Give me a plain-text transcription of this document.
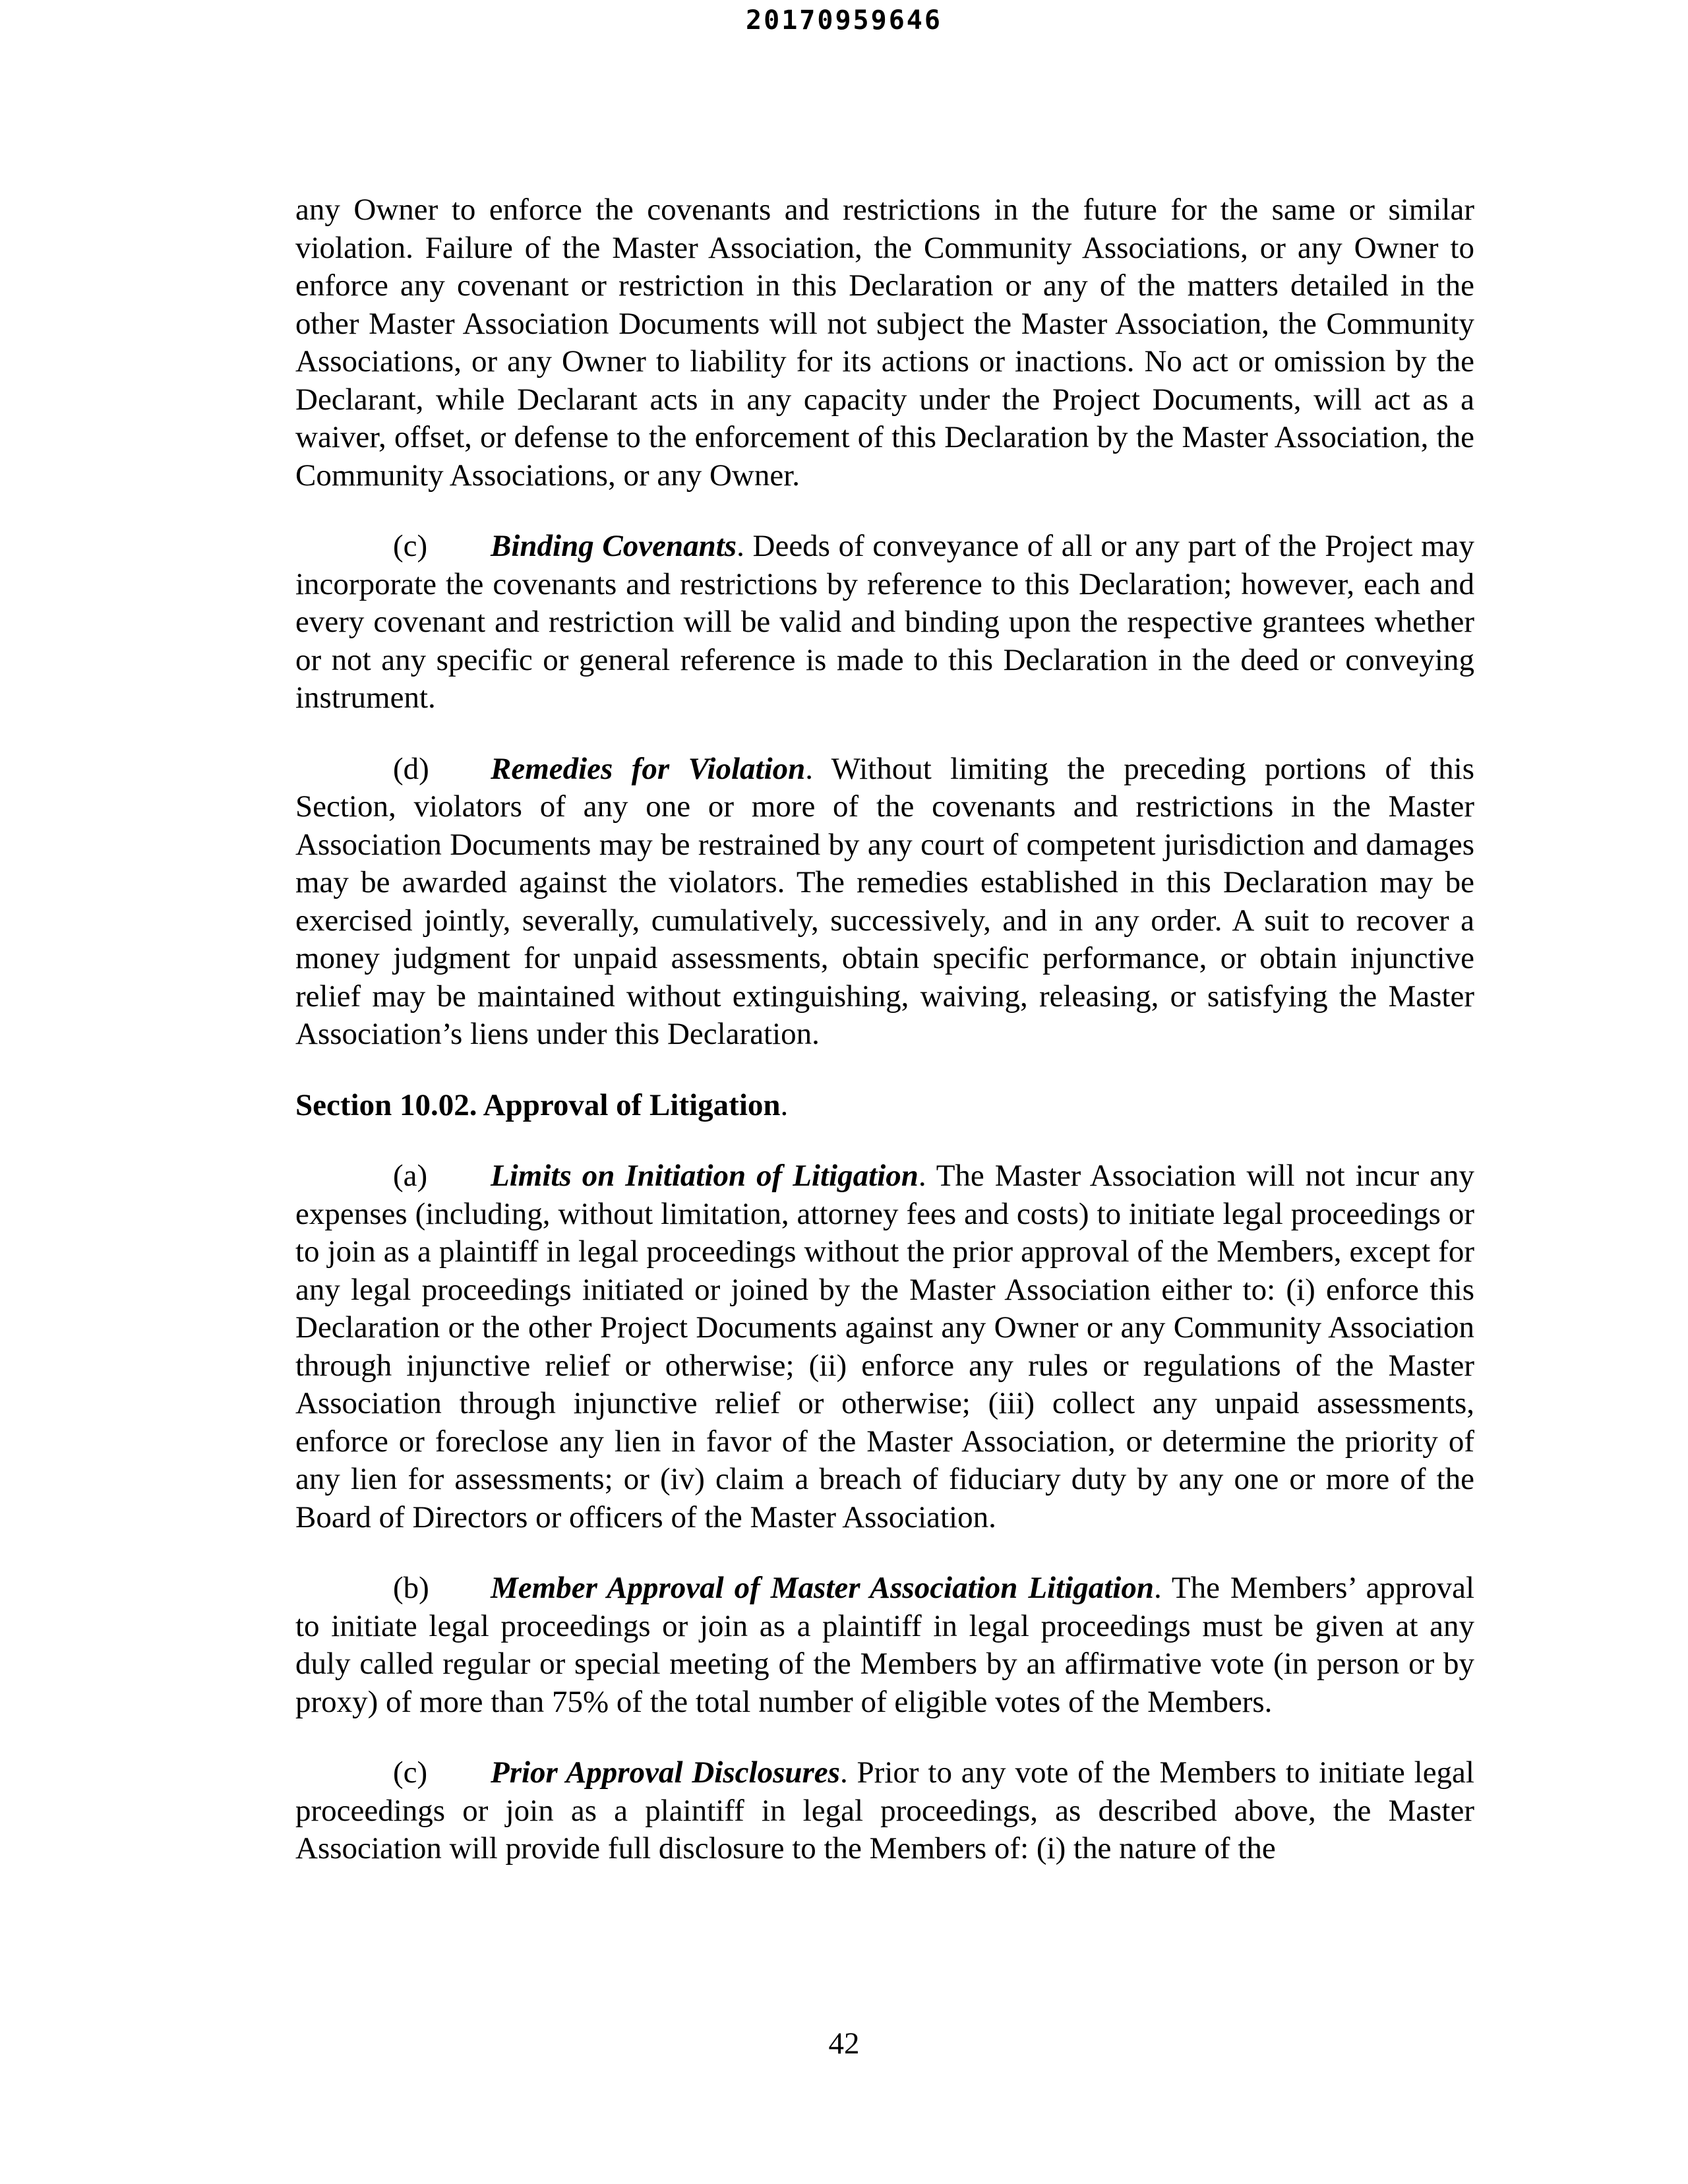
20170959646

any Owner to enforce the covenants and restrictions in the future for the same or similar violation. Failure of the Master Association, the Community Associations, or any Owner to enforce any covenant or restriction in this Declaration or any of the matters detailed in the other Master Association Documents will not subject the Master Association, the Community Associations, or any Owner to liability for its actions or inactions. No act or omission by the Declarant, while Declarant acts in any capacity under the Project Documents, will act as a waiver, offset, or defense to the enforcement of this Declaration by the Master Association, the Community Associations, or any Owner.

(c) Binding Covenants. Deeds of conveyance of all or any part of the Project may incorporate the covenants and restrictions by reference to this Declaration; however, each and every covenant and restriction will be valid and binding upon the respective grantees whether or not any specific or general reference is made to this Declaration in the deed or conveying instrument.

(d) Remedies for Violation. Without limiting the preceding portions of this Section, violators of any one or more of the covenants and restrictions in the Master Association Documents may be restrained by any court of competent jurisdiction and damages may be awarded against the violators. The remedies established in this Declaration may be exercised jointly, severally, cumulatively, successively, and in any order. A suit to recover a money judgment for unpaid assessments, obtain specific performance, or obtain injunctive relief may be maintained without extinguishing, waiving, releasing, or satisfying the Master Association’s liens under this Declaration.

Section 10.02. Approval of Litigation.

(a) Limits on Initiation of Litigation. The Master Association will not incur any expenses (including, without limitation, attorney fees and costs) to initiate legal proceedings or to join as a plaintiff in legal proceedings without the prior approval of the Members, except for any legal proceedings initiated or joined by the Master Association either to: (i) enforce this Declaration or the other Project Documents against any Owner or any Community Association through injunctive relief or otherwise; (ii) enforce any rules or regulations of the Master Association through injunctive relief or otherwise; (iii) collect any unpaid assessments, enforce or foreclose any lien in favor of the Master Association, or determine the priority of any lien for assessments; or (iv) claim a breach of fiduciary duty by any one or more of the Board of Directors or officers of the Master Association.

(b) Member Approval of Master Association Litigation. The Members’ approval to initiate legal proceedings or join as a plaintiff in legal proceedings must be given at any duly called regular or special meeting of the Members by an affirmative vote (in person or by proxy) of more than 75% of the total number of eligible votes of the Members.

(c) Prior Approval Disclosures. Prior to any vote of the Members to initiate legal proceedings or join as a plaintiff in legal proceedings, as described above, the Master Association will provide full disclosure to the Members of: (i) the nature of the

42
